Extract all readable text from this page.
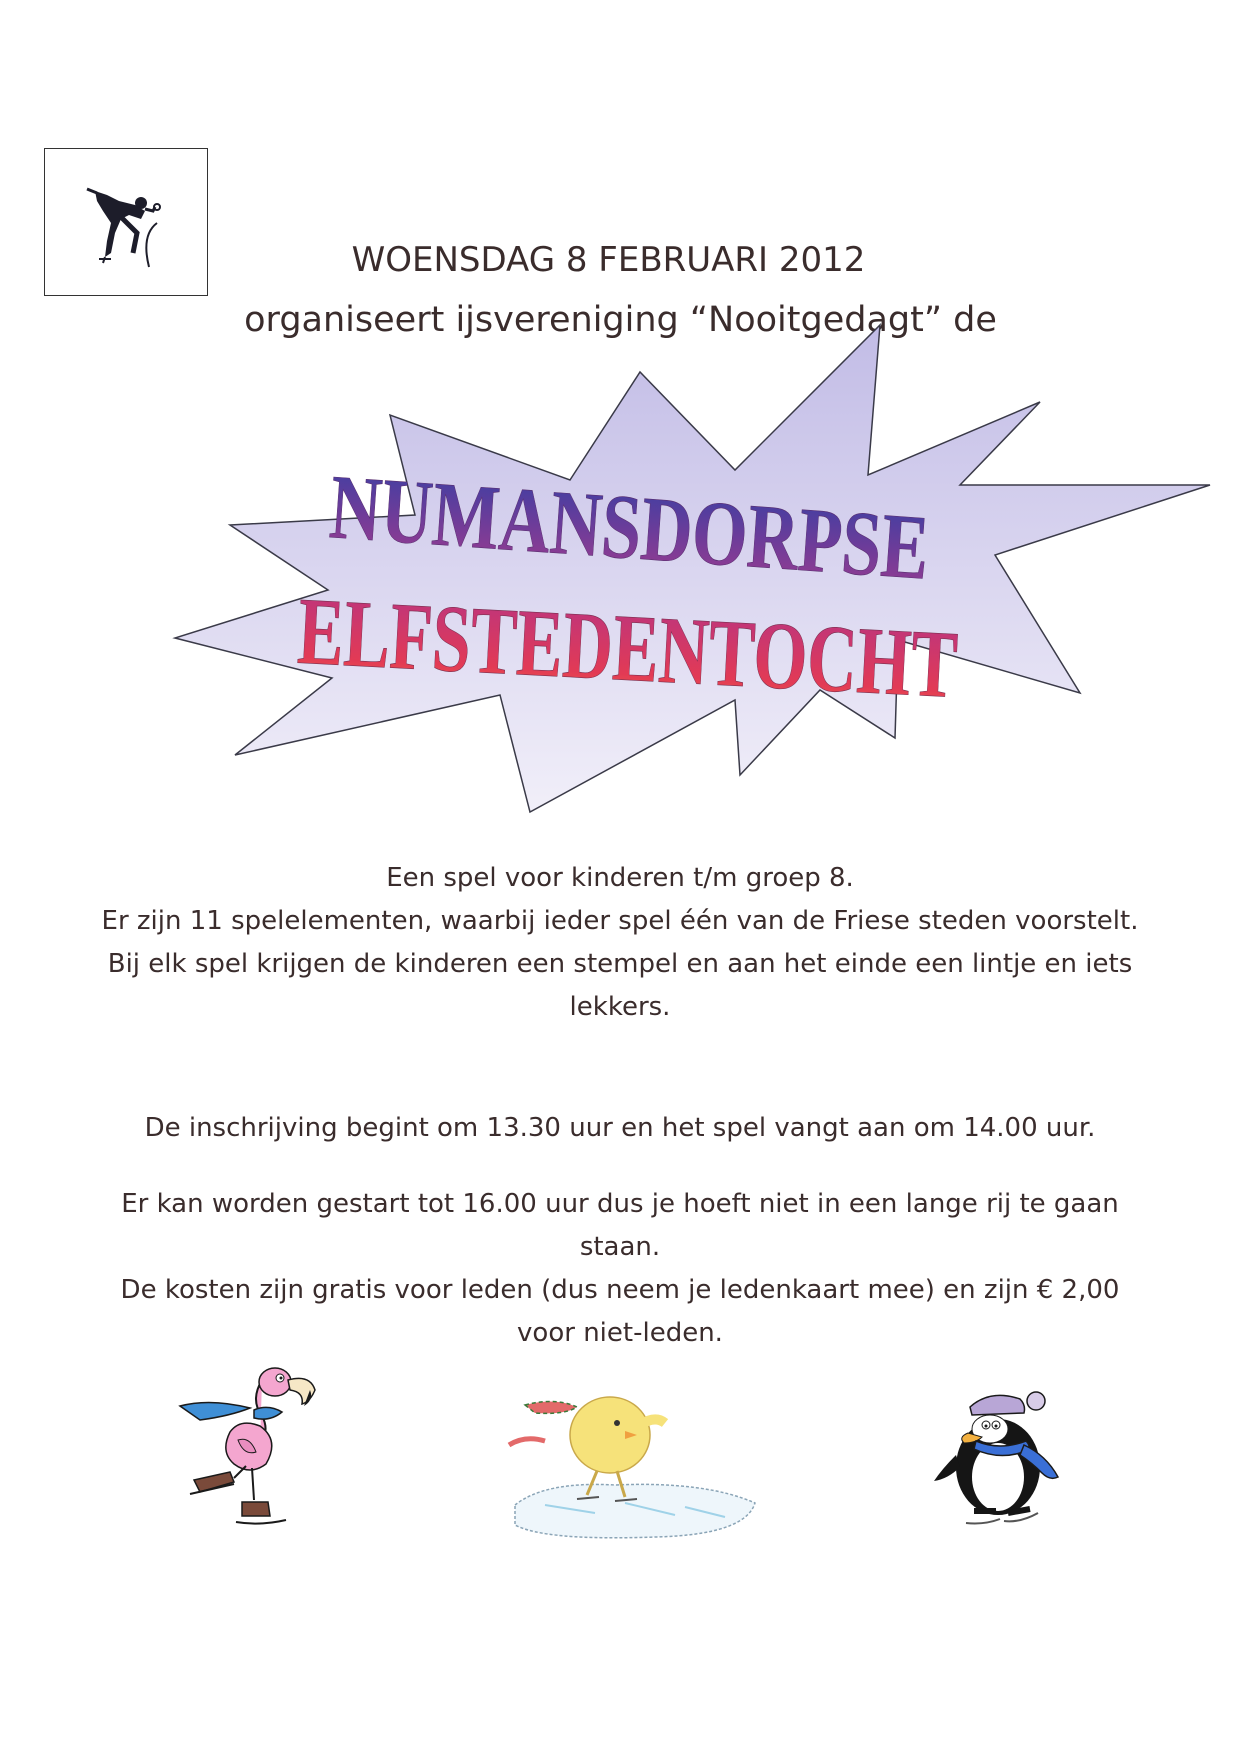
WOENSDAG 8 FEBRUARI 2012
organiseert ijsvereniging “Nooitgedagt” de
NUMANSDORPSE
ELFSTEDENTOCHT

Een spel voor kinderen t/m groep 8.

Er zijn 11 spelelementen, waarbij ieder spel één van de Friese steden voorstelt.

Bij elk spel krijgen de kinderen een stempel en aan het einde een lintje en iets lekkers.

De inschrijving begint om 13.30 uur en het spel vangt aan om 14.00 uur.

Er kan worden gestart tot 16.00 uur dus je hoeft niet in een lange rij te gaan staan.

De kosten zijn gratis voor leden (dus neem je ledenkaart mee) en zijn € 2,00 voor niet-leden.
